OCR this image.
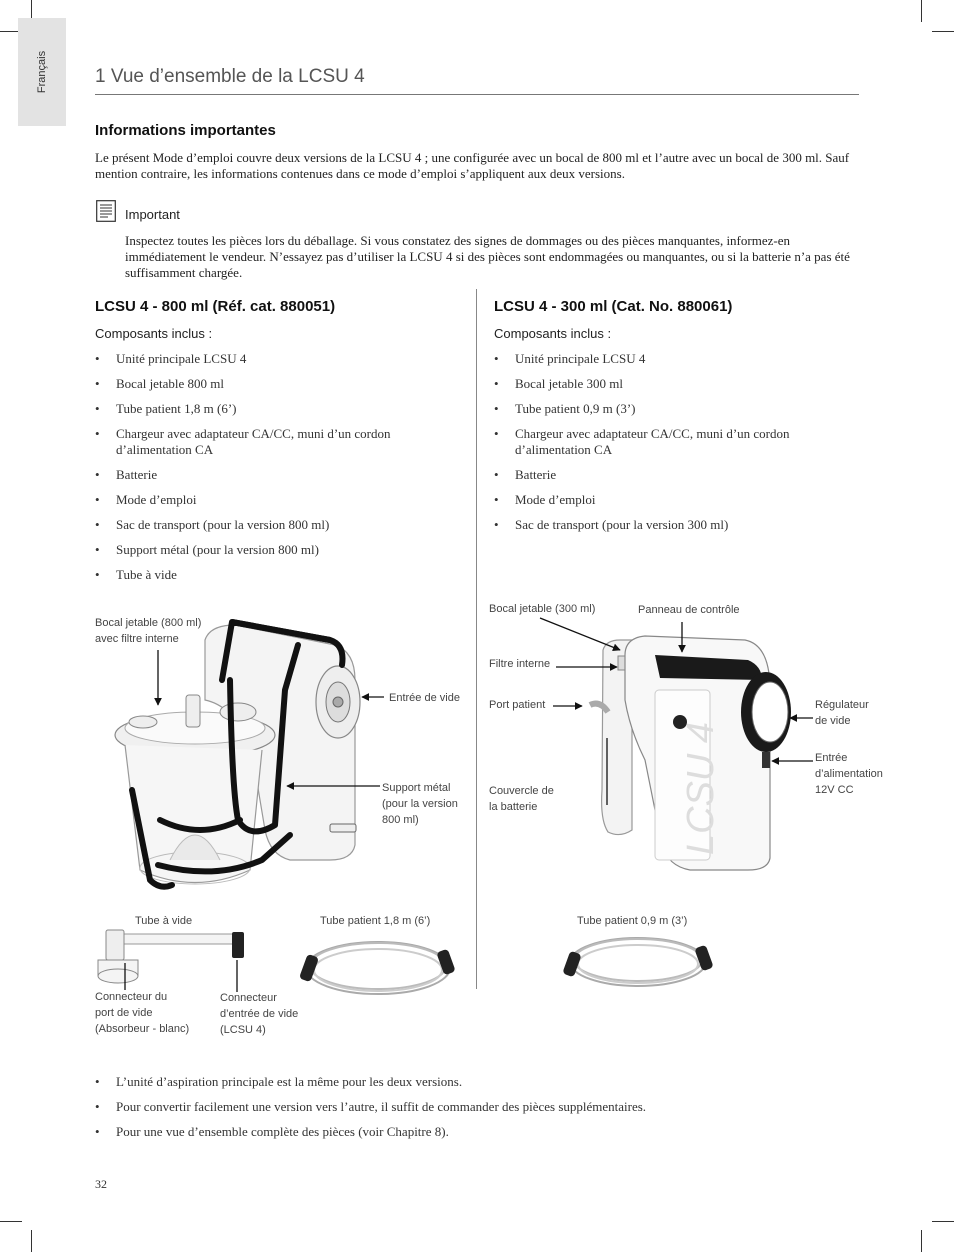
Français 1 Vue d’ensemble de la LCSU 4
Informations importantes

Le présent Mode d’emploi couvre deux versions de la LCSU 4 ; une configurée avec un bocal de 800 ml et l’autre avec un bocal de 300 ml. Sauf mention contraire, les informations contenues dans ce mode d’emploi s’appliquent aux deux versions.

Important

Inspectez toutes les pièces lors du déballage. Si vous constatez des signes de dommages ou des pièces manquantes, informez-en immédiatement le vendeur. N’essayez pas d’utiliser la LCSU 4 si des pièces sont endommagées ou manquantes, ou si la batterie n’a pas été suffisamment chargée.

LCSU 4 - 800 ml (Réf. cat. 880051)
Composants inclus :
• Unité principale LCSU 4
• Bocal jetable 800 ml
• Tube patient 1,8 m (6’)
• Chargeur avec adaptateur CA/CC, muni d’un cordon d’alimentation CA
• Batterie
• Mode d’emploi
• Sac de transport (pour la version 800 ml)
• Support métal (pour la version 800 ml)
• Tube à vide
LCSU 4 - 300 ml (Cat. No. 880061)
Composants inclus :
• Unité principale LCSU 4
• Bocal jetable 300 ml
• Tube patient 0,9 m (3’)
• Chargeur avec adaptateur CA/CC, muni d’un cordon d’alimentation CA
• Batterie
• Mode d’emploi
• Sac de transport (pour la version 300 ml)
Bocal jetable (800 ml) avec filtre interne
Entrée de vide
Support métal (pour la version 800 ml)
Tube à vide
Connecteur du port de vide (Absorbeur - blanc)
Connecteur d’entrée de vide (LCSU 4)
Tube patient 1,8 m (6’)
LCSU 4
Bocal jetable (300 ml)	Panneau de contrôle
Filtre interne
Port patient
Couvercle de la batterie
Régulateur de vide
Entrée d’alimentation 12V CC
Tube patient 0,9 m (3’)
• L’unité d’aspiration principale est la même pour les deux versions.
• Pour convertir facilement une version vers l’autre, il suffit de commander des pièces supplémentaires.
• Pour une vue d’ensemble complète des pièces (voir Chapitre 8).
32
